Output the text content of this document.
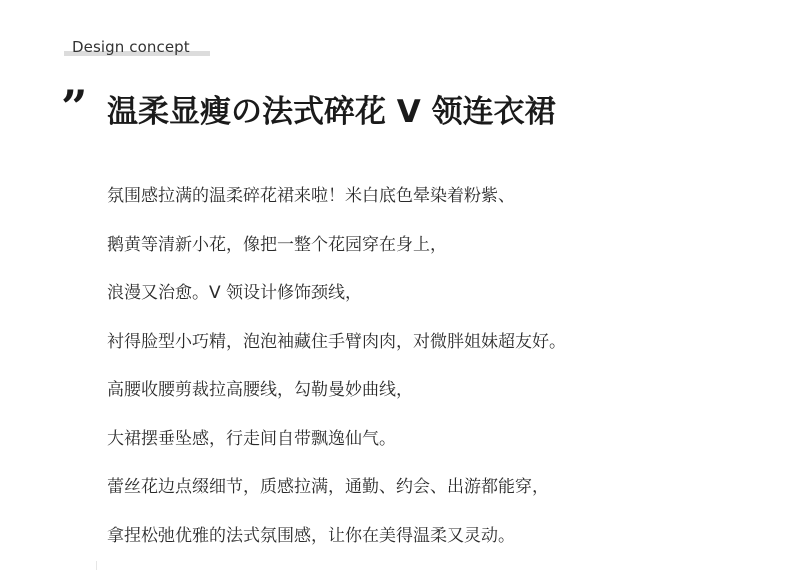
Design concept
” 温柔显瘦の法式碎花 V 领连衣裙
氛围感拉满的温柔碎花裙来啦！米白底色晕染着粉紫、
鹅黄等清新小花，像把一整个花园穿在身上，
浪漫又治愈。V 领设计修饰颈线，
衬得脸型小巧精，泡泡袖藏住手臂肉肉，对微胖姐妹超友好。
高腰收腰剪裁拉高腰线，勾勒曼妙曲线，
大裙摆垂坠感，行走间自带飘逸仙气。
蕾丝花边点缀细节，质感拉满，通勤、约会、出游都能穿，
拿捏松弛优雅的法式氛围感，让你在美得温柔又灵动。
